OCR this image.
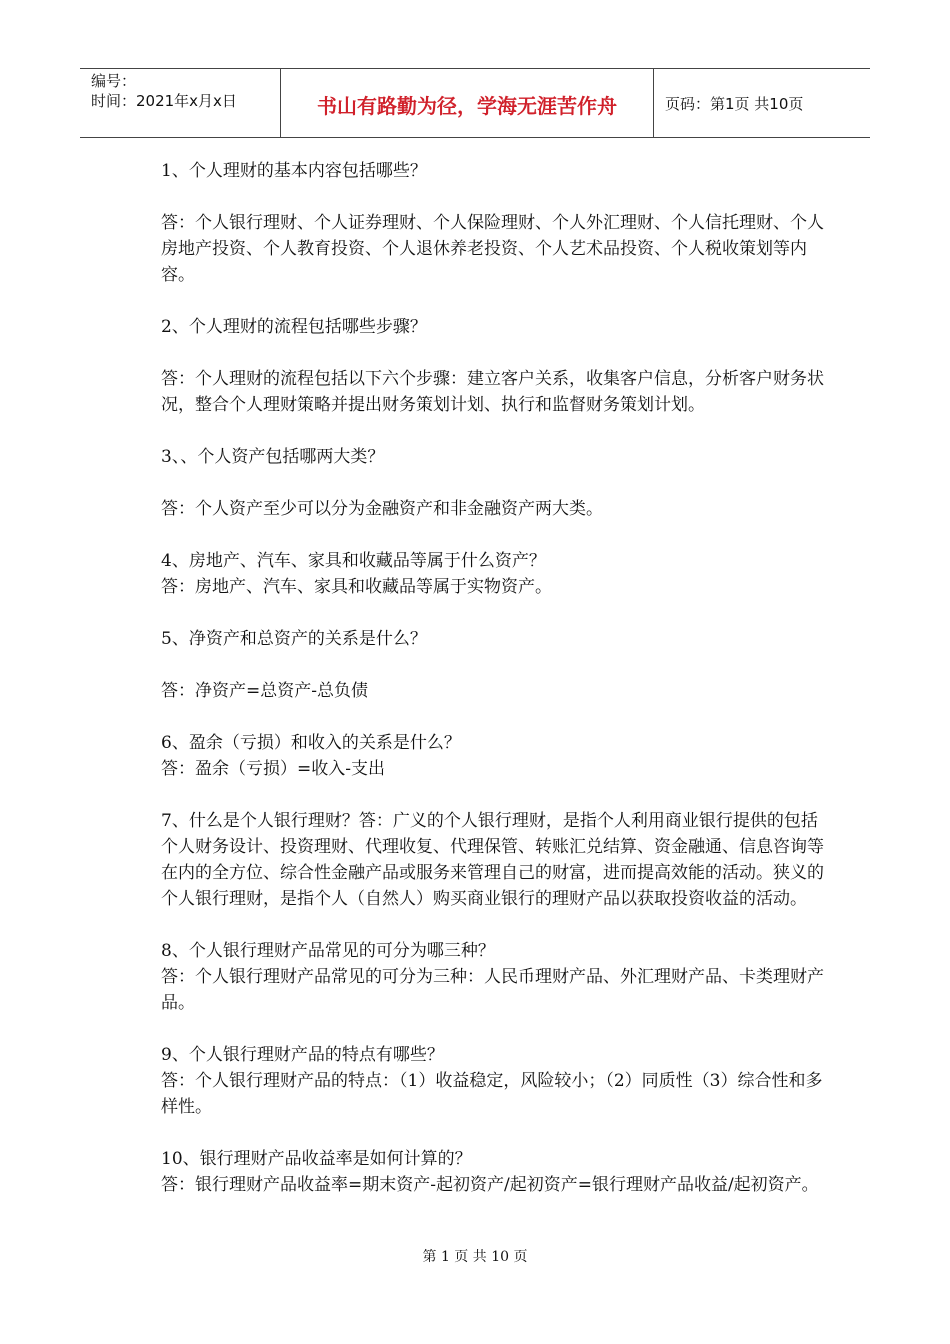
编号：
时间：2021年x月x日	书山有路勤为径，学海无涯苦作舟	页码：第1页 共10页

1、个人理财的基本内容包括哪些？

答：个人银行理财、个人证券理财、个人保险理财、个人外汇理财、个人信托理财、个人房地产投资、个人教育投资、个人退休养老投资、个人艺术品投资、个人税收策划等内容。

2、个人理财的流程包括哪些步骤？

答：个人理财的流程包括以下六个步骤：建立客户关系，收集客户信息，分析客户财务状况，整合个人理财策略并提出财务策划计划、执行和监督财务策划计划。

3、、个人资产包括哪两大类？

答：个人资产至少可以分为金融资产和非金融资产两大类。

4、房地产、汽车、家具和收藏品等属于什么资产？

答：房地产、汽车、家具和收藏品等属于实物资产。

5、净资产和总资产的关系是什么？

答：净资产=总资产-总负债

6、盈余（亏损）和收入的关系是什么？

答：盈余（亏损）=收入-支出

7、什么是个人银行理财？答：广义的个人银行理财，是指个人利用商业银行提供的包括个人财务设计、投资理财、代理收复、代理保管、转账汇兑结算、资金融通、信息咨询等在内的全方位、综合性金融产品或服务来管理自己的财富，进而提高效能的活动。狭义的个人银行理财，是指个人（自然人）购买商业银行的理财产品以获取投资收益的活动。

8、个人银行理财产品常见的可分为哪三种？

答：个人银行理财产品常见的可分为三种：人民币理财产品、外汇理财产品、卡类理财产品。

9、个人银行理财产品的特点有哪些？

答：个人银行理财产品的特点：（1）收益稳定，风险较小；（2）同质性（3）综合性和多样性。

10、银行理财产品收益率是如何计算的？

答：银行理财产品收益率=期末资产-起初资产/起初资产=银行理财产品收益/起初资产。

第 1 页 共 10 页
